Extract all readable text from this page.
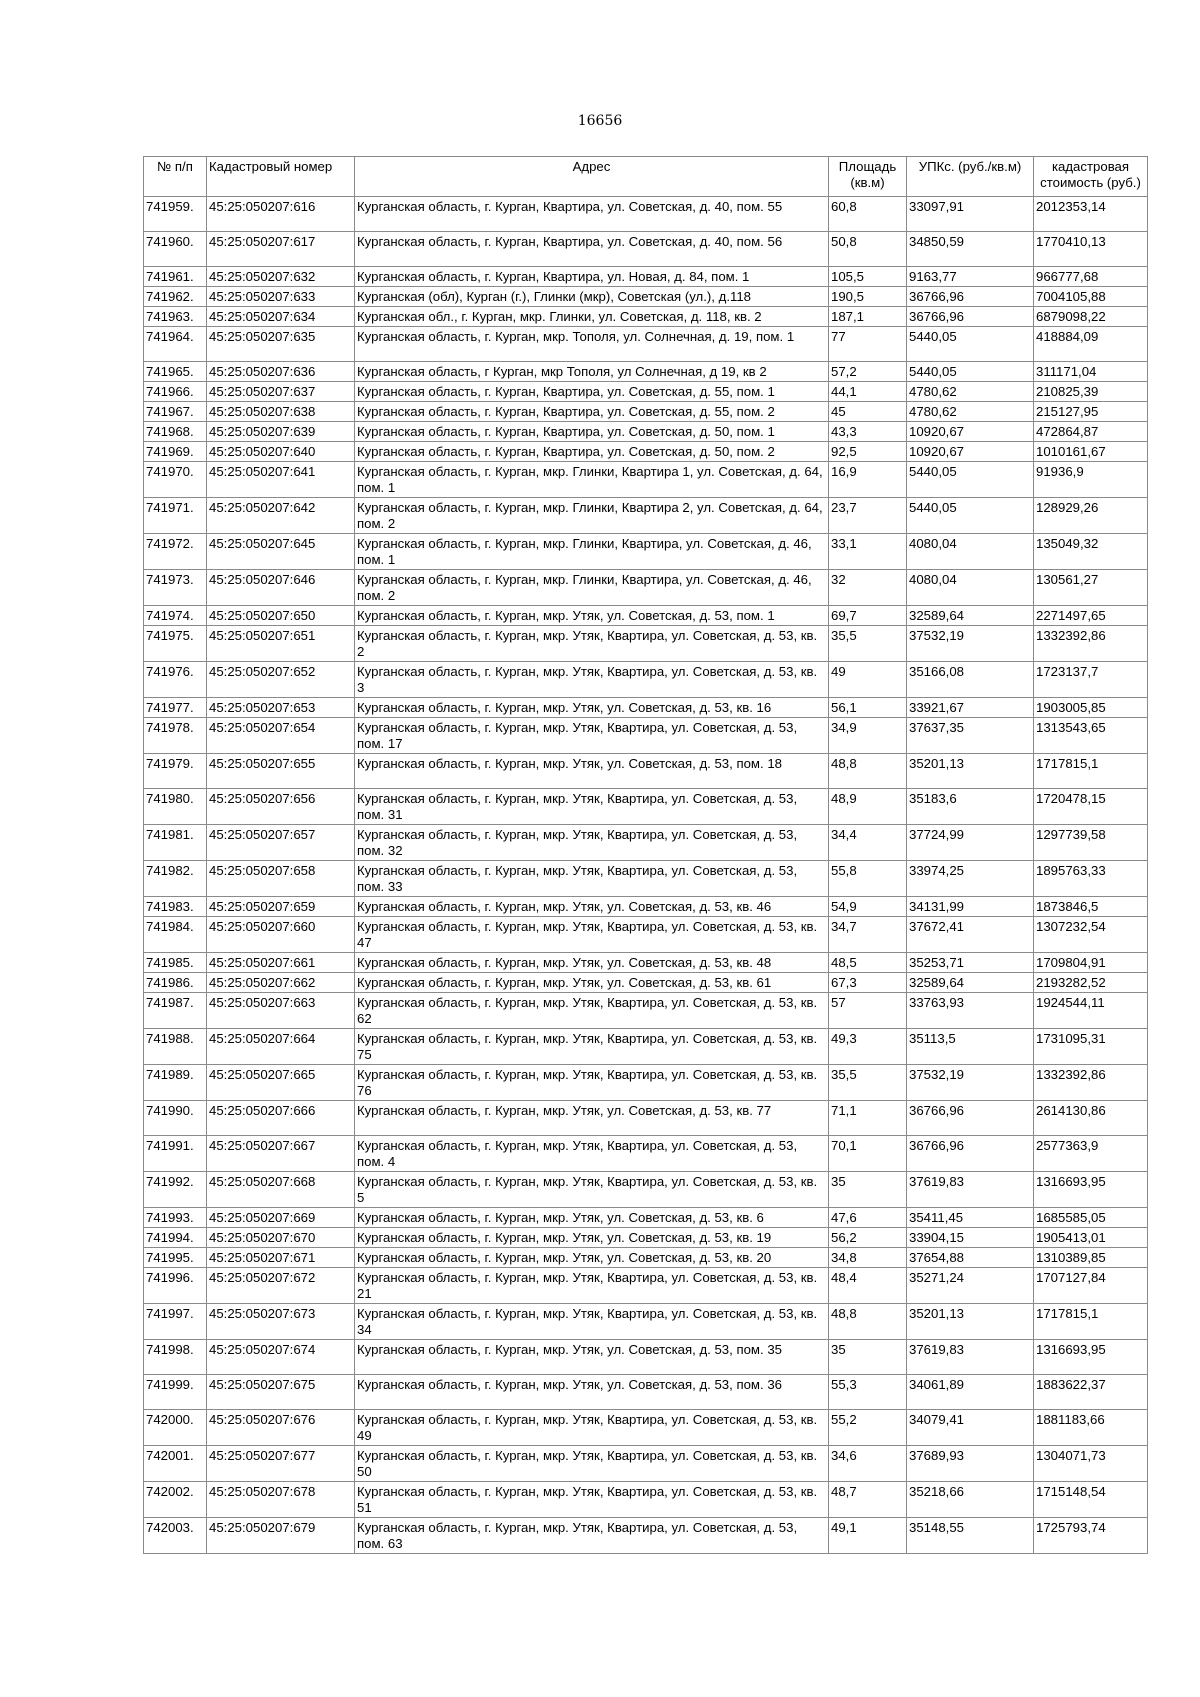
16656
№ п/п	Кадастровый номер	Адрес	Площадь (кв.м)	УПКс. (руб./кв.м)	кадастровая стоимость (руб.)
741959.	45:25:050207:616	Курганская область, г. Курган, Квартира, ул. Советская, д. 40, пом. 55	60,8	33097,91	2012353,14
741960.	45:25:050207:617	Курганская область, г. Курган, Квартира, ул. Советская, д. 40, пом. 56	50,8	34850,59	1770410,13
741961.	45:25:050207:632	Курганская область, г. Курган, Квартира, ул. Новая, д. 84, пом. 1	105,5	9163,77	966777,68
741962.	45:25:050207:633	Курганская (обл), Курган (г.), Глинки (мкр), Советская (ул.), д.118	190,5	36766,96	7004105,88
741963.	45:25:050207:634	Курганская обл., г. Курган, мкр. Глинки, ул. Советская, д. 118, кв. 2	187,1	36766,96	6879098,22
741964.	45:25:050207:635	Курганская область, г. Курган, мкр. Тополя, ул. Солнечная, д. 19, пом. 1	77	5440,05	418884,09
741965.	45:25:050207:636	Курганская область, г Курган, мкр Тополя, ул Солнечная, д 19, кв 2	57,2	5440,05	311171,04
741966.	45:25:050207:637	Курганская область, г. Курган, Квартира, ул. Советская, д. 55, пом. 1	44,1	4780,62	210825,39
741967.	45:25:050207:638	Курганская область, г. Курган, Квартира, ул. Советская, д. 55, пом. 2	45	4780,62	215127,95
741968.	45:25:050207:639	Курганская область, г. Курган, Квартира, ул. Советская, д. 50, пом. 1	43,3	10920,67	472864,87
741969.	45:25:050207:640	Курганская область, г. Курган, Квартира, ул. Советская, д. 50, пом. 2	92,5	10920,67	1010161,67
741970.	45:25:050207:641	Курганская область, г. Курган, мкр. Глинки, Квартира 1, ул. Советская, д. 64, пом. 1	16,9	5440,05	91936,9
741971.	45:25:050207:642	Курганская область, г. Курган, мкр. Глинки, Квартира 2, ул. Советская, д. 64, пом. 2	23,7	5440,05	128929,26
741972.	45:25:050207:645	Курганская область, г. Курган, мкр. Глинки, Квартира, ул. Советская, д. 46, пом. 1	33,1	4080,04	135049,32
741973.	45:25:050207:646	Курганская область, г. Курган, мкр. Глинки, Квартира, ул. Советская, д. 46, пом. 2	32	4080,04	130561,27
741974.	45:25:050207:650	Курганская область, г. Курган, мкр. Утяк, ул. Советская, д. 53, пом. 1	69,7	32589,64	2271497,65
741975.	45:25:050207:651	Курганская область, г. Курган, мкр. Утяк, Квартира, ул. Советская, д. 53, кв. 2	35,5	37532,19	1332392,86
741976.	45:25:050207:652	Курганская область, г. Курган, мкр. Утяк, Квартира, ул. Советская, д. 53, кв. 3	49	35166,08	1723137,7
741977.	45:25:050207:653	Курганская область, г. Курган, мкр. Утяк, ул. Советская, д. 53, кв. 16	56,1	33921,67	1903005,85
741978.	45:25:050207:654	Курганская область, г. Курган, мкр. Утяк, Квартира, ул. Советская, д. 53, пом. 17	34,9	37637,35	1313543,65
741979.	45:25:050207:655	Курганская область, г. Курган, мкр. Утяк, ул. Советская, д. 53, пом. 18	48,8	35201,13	1717815,1
741980.	45:25:050207:656	Курганская область, г. Курган, мкр. Утяк, Квартира, ул. Советская, д. 53, пом. 31	48,9	35183,6	1720478,15
741981.	45:25:050207:657	Курганская область, г. Курган, мкр. Утяк, Квартира, ул. Советская, д. 53, пом. 32	34,4	37724,99	1297739,58
741982.	45:25:050207:658	Курганская область, г. Курган, мкр. Утяк, Квартира, ул. Советская, д. 53, пом. 33	55,8	33974,25	1895763,33
741983.	45:25:050207:659	Курганская область, г. Курган, мкр. Утяк, ул. Советская, д. 53, кв. 46	54,9	34131,99	1873846,5
741984.	45:25:050207:660	Курганская область, г. Курган, мкр. Утяк, Квартира, ул. Советская, д. 53, кв. 47	34,7	37672,41	1307232,54
741985.	45:25:050207:661	Курганская область, г. Курган, мкр. Утяк, ул. Советская, д. 53, кв. 48	48,5	35253,71	1709804,91
741986.	45:25:050207:662	Курганская область, г. Курган, мкр. Утяк, ул. Советская, д. 53, кв. 61	67,3	32589,64	2193282,52
741987.	45:25:050207:663	Курганская область, г. Курган, мкр. Утяк, Квартира, ул. Советская, д. 53, кв. 62	57	33763,93	1924544,11
741988.	45:25:050207:664	Курганская область, г. Курган, мкр. Утяк, Квартира, ул. Советская, д. 53, кв. 75	49,3	35113,5	1731095,31
741989.	45:25:050207:665	Курганская область, г. Курган, мкр. Утяк, Квартира, ул. Советская, д. 53, кв. 76	35,5	37532,19	1332392,86
741990.	45:25:050207:666	Курганская область, г. Курган, мкр. Утяк, ул. Советская, д. 53, кв. 77	71,1	36766,96	2614130,86
741991.	45:25:050207:667	Курганская область, г. Курган, мкр. Утяк, Квартира, ул. Советская, д. 53, пом. 4	70,1	36766,96	2577363,9
741992.	45:25:050207:668	Курганская область, г. Курган, мкр. Утяк, Квартира, ул. Советская, д. 53, кв. 5	35	37619,83	1316693,95
741993.	45:25:050207:669	Курганская область, г. Курган, мкр. Утяк, ул. Советская, д. 53, кв. 6	47,6	35411,45	1685585,05
741994.	45:25:050207:670	Курганская область, г. Курган, мкр. Утяк, ул. Советская, д. 53, кв. 19	56,2	33904,15	1905413,01
741995.	45:25:050207:671	Курганская область, г. Курган, мкр. Утяк, ул. Советская, д. 53, кв. 20	34,8	37654,88	1310389,85
741996.	45:25:050207:672	Курганская область, г. Курган, мкр. Утяк, Квартира, ул. Советская, д. 53, кв. 21	48,4	35271,24	1707127,84
741997.	45:25:050207:673	Курганская область, г. Курган, мкр. Утяк, Квартира, ул. Советская, д. 53, кв. 34	48,8	35201,13	1717815,1
741998.	45:25:050207:674	Курганская область, г. Курган, мкр. Утяк, ул. Советская, д. 53, пом. 35	35	37619,83	1316693,95
741999.	45:25:050207:675	Курганская область, г. Курган, мкр. Утяк, ул. Советская, д. 53, пом. 36	55,3	34061,89	1883622,37
742000.	45:25:050207:676	Курганская область, г. Курган, мкр. Утяк, Квартира, ул. Советская, д. 53, кв. 49	55,2	34079,41	1881183,66
742001.	45:25:050207:677	Курганская область, г. Курган, мкр. Утяк, Квартира, ул. Советская, д. 53, кв. 50	34,6	37689,93	1304071,73
742002.	45:25:050207:678	Курганская область, г. Курган, мкр. Утяк, Квартира, ул. Советская, д. 53, кв. 51	48,7	35218,66	1715148,54
742003.	45:25:050207:679	Курганская область, г. Курган, мкр. Утяк, Квартира, ул. Советская, д. 53, пом. 63	49,1	35148,55	1725793,74
